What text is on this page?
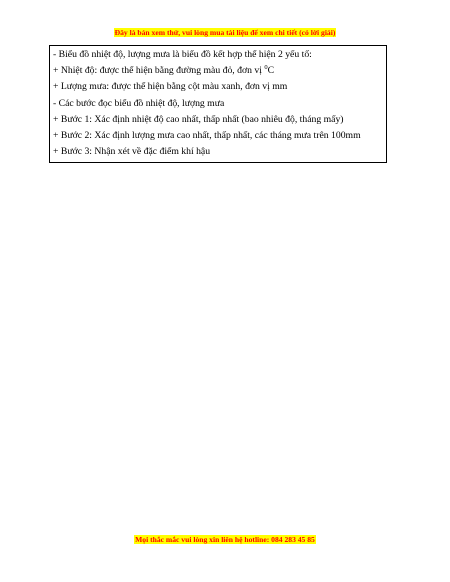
Đây là bản xem thử, vui lòng mua tài liệu để xem chi tiết (có lời giải)
- Biểu đồ nhiệt độ, lượng mưa là biểu đồ kết hợp thể hiện 2 yếu tố:
+ Nhiệt độ: được thể hiện bằng đường màu đỏ, đơn vị $^0$C
+ Lượng mưa: được thể hiện bằng cột màu xanh, đơn vị mm
- Các bước đọc biểu đồ nhiệt độ, lượng mưa
+ Bước 1: Xác định nhiệt độ cao nhất, thấp nhất (bao nhiêu độ, tháng mấy)
+ Bước 2: Xác định lượng mưa cao nhất, thấp nhất, các tháng mưa trên 100mm
+ Bước 3: Nhận xét về đặc điểm khí hậu
Mọi thắc mắc vui lòng xin liên hệ hotline: 084 283 45 85
